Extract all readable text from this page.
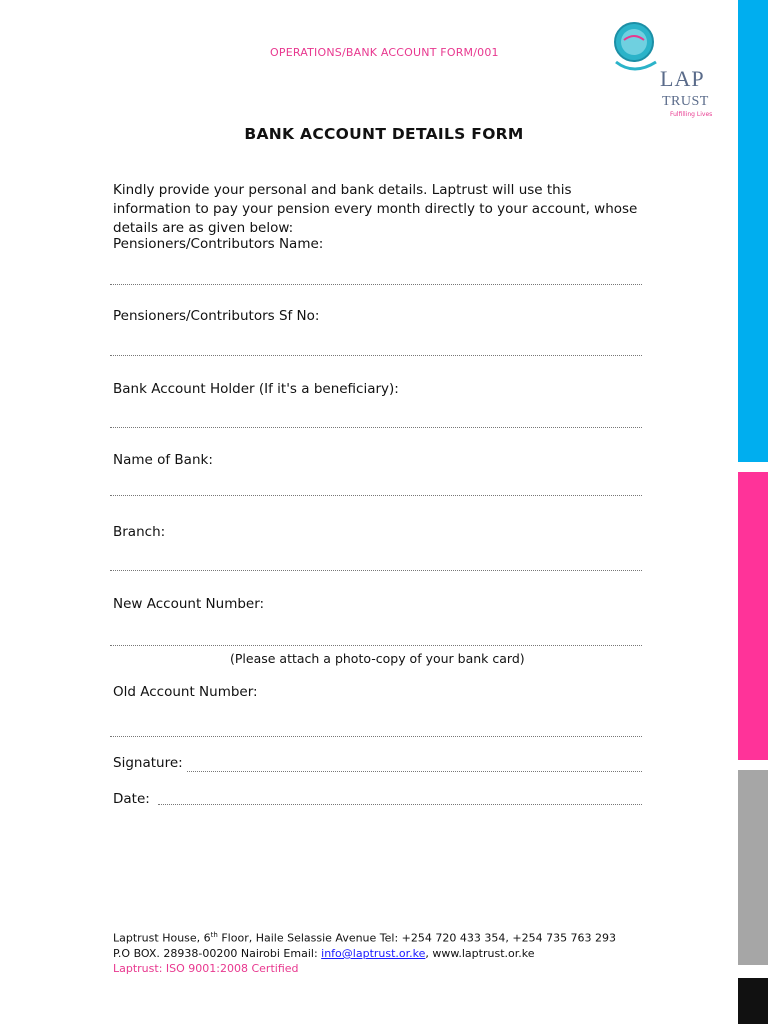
OPERATIONS/BANK ACCOUNT FORM/001
LAP
TRUST
Fulfilling Lives
BANK ACCOUNT DETAILS FORM
Kindly provide your personal and bank details. Laptrust will use this information to pay your pension every month directly to your account, whose details are as given below:
Pensioners/Contributors Name:
Pensioners/Contributors Sf No:
Bank Account Holder (If it's a beneficiary):
Name of Bank:
Branch:
New Account Number:
(Please attach a photo-copy of your bank card)
Old Account Number:
Signature:
Date:
Laptrust House, 6th Floor, Haile Selassie Avenue Tel: +254 720 433 354, +254 735 763 293
P.O BOX. 28938-00200 Nairobi Email: info@laptrust.or.ke, www.laptrust.or.ke
Laptrust: ISO 9001:2008 Certified
